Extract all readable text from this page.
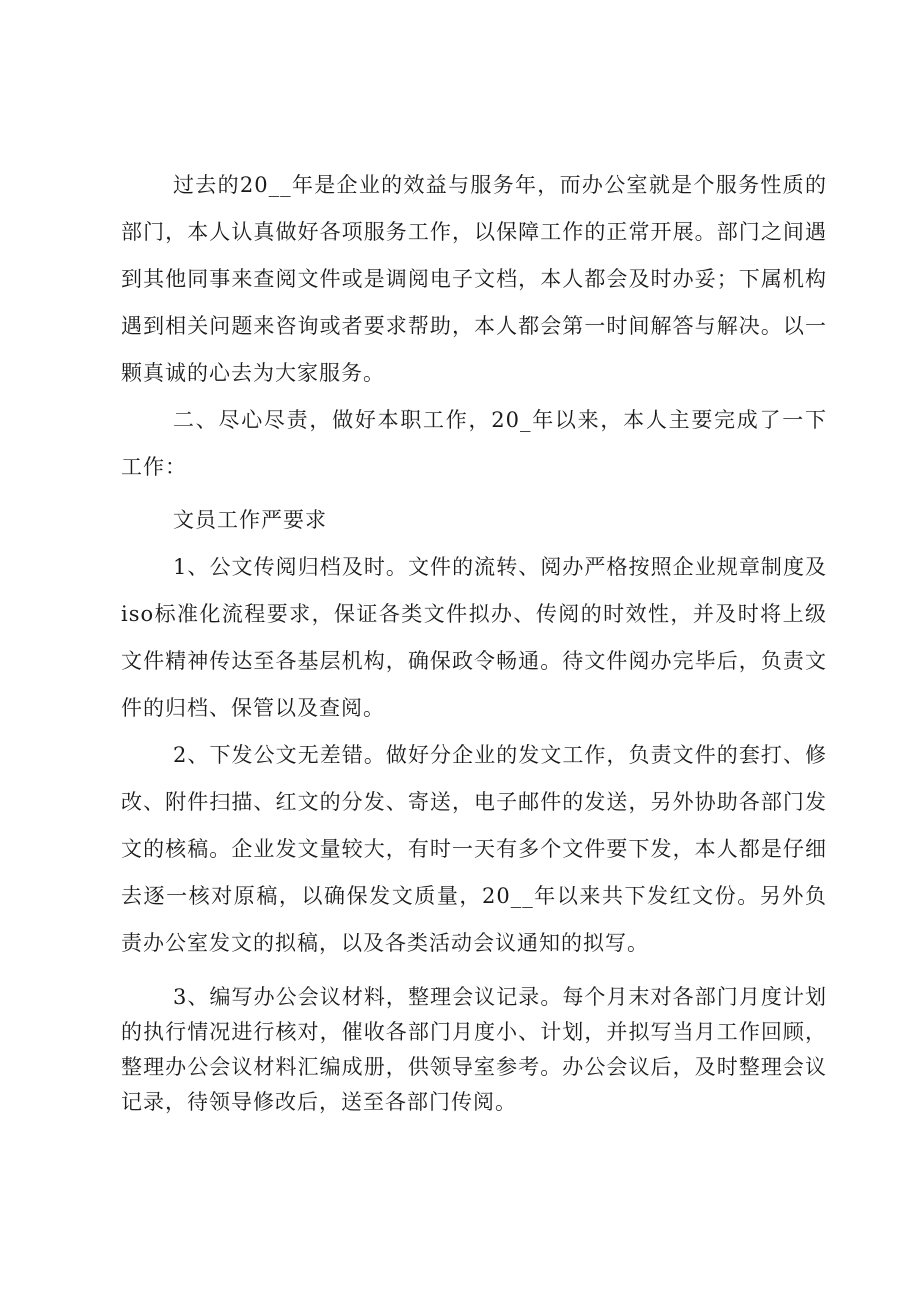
过去的20__年是企业的效益与服务年，而办公室就是个服务性质的部门，本人认真做好各项服务工作，以保障工作的正常开展。部门之间遇到其他同事来查阅文件或是调阅电子文档，本人都会及时办妥；下属机构遇到相关问题来咨询或者要求帮助，本人都会第一时间解答与解决。以一颗真诚的心去为大家服务。

二、尽心尽责，做好本职工作，20_年以来，本人主要完成了一下工作：

文员工作严要求

1、公文传阅归档及时。文件的流转、阅办严格按照企业规章制度及iso标准化流程要求，保证各类文件拟办、传阅的时效性，并及时将上级文件精神传达至各基层机构，确保政令畅通。待文件阅办完毕后，负责文件的归档、保管以及查阅。

2、下发公文无差错。做好分企业的发文工作，负责文件的套打、修改、附件扫描、红文的分发、寄送，电子邮件的发送，另外协助各部门发文的核稿。企业发文量较大，有时一天有多个文件要下发，本人都是仔细去逐一核对原稿，以确保发文质量，20__年以来共下发红文份。另外负责办公室发文的拟稿，以及各类活动会议通知的拟写。

3、编写办公会议材料，整理会议记录。每个月末对各部门月度计划的执行情况进行核对，催收各部门月度小、计划，并拟写当月工作回顾，整理办公会议材料汇编成册，供领导室参考。办公会议后，及时整理会议记录，待领导修改后，送至各部门传阅。
